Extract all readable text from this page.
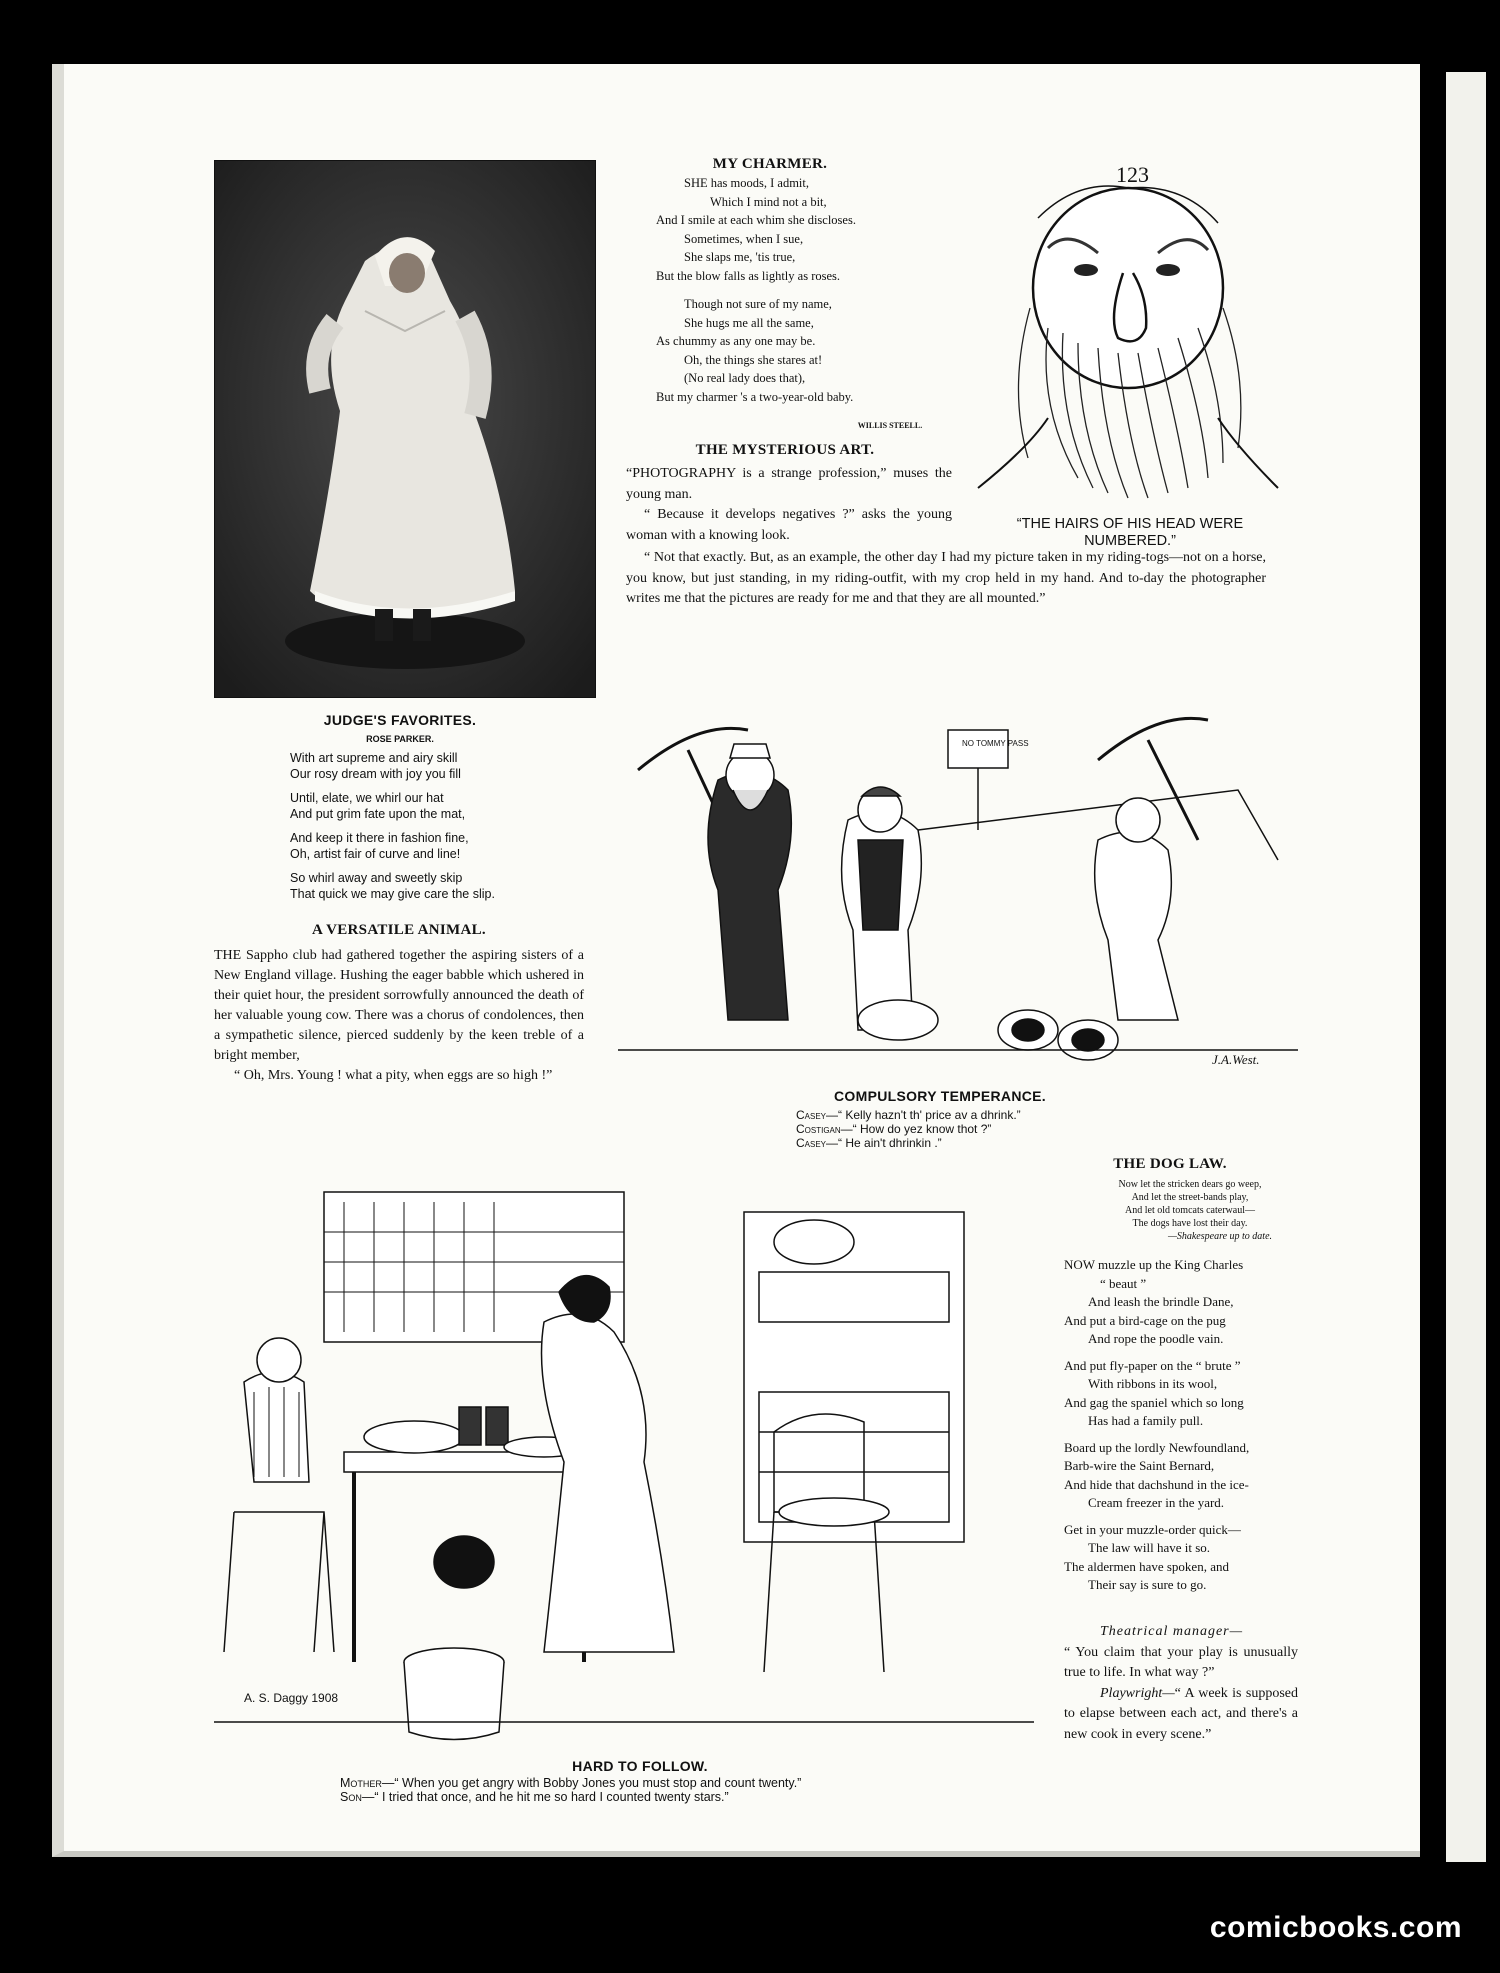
JUDGE'S FAVORITES.
ROSE PARKER.
With art supreme and airy skill
Our rosy dream with joy you fill
Until, elate, we whirl our hat
And put grim fate upon the mat,
And keep it there in fashion fine,
Oh, artist fair of curve and line!
So whirl away and sweetly skip
That quick we may give care the slip.
A VERSATILE ANIMAL.

THE Sappho club had gathered together the aspiring sisters of a New England village. Hushing the eager babble which ushered in their quiet hour, the president sorrowfully announced the death of her valuable young cow. There was a chorus of condolences, then a sympathetic silence, pierced suddenly by the keen treble of a bright member,

“ Oh, Mrs. Young ! what a pity, when eggs are so high !”

MY CHARMER.
SHE has moods, I admit,
Which I mind not a bit,
And I smile at each whim she discloses.
Sometimes, when I sue,
She slaps me, 'tis true,
But the blow falls as lightly as roses.
Though not sure of my name,
She hugs me all the same,
As chummy as any one may be.
Oh, the things she stares at!
(No real lady does that),
But my charmer 's a two-year-old baby.
WILLIS STEELL.
THE MYSTERIOUS ART.

“PHOTOGRAPHY is a strange profession,” muses the young man.

“ Because it develops negatives ?” asks the young woman with a knowing look.

“ Not that exactly. But, as an example, the other day I had my picture taken in my riding-togs—not on a horse, you know, but just standing, in my riding-outfit, with my crop held in my hand. And to-day the photographer writes me that the pictures are ready for me and that they are all mounted.”
123
“THE HAIRS OF HIS HEAD WERE NUMBERED.”
NO TOMMY PASS
J.A.West.
COMPULSORY TEMPERANCE.
Casey—“ Kelly hazn't th' price av a dhrink.”
Costigan—“ How do yez know thot ?”
Casey—“ He ain't dhrinkin .”
A. S. Daggy 1908
HARD TO FOLLOW.
Mother—“ When you get angry with Bobby Jones you must stop and count twenty.”
Son—“ I tried that once, and he hit me so hard I counted twenty stars.”
THE DOG LAW.
Now let the stricken dears go weep,
And let the street-bands play,
And let old tomcats caterwaul—
The dogs have lost their day.
—Shakespeare up to date.
NOW muzzle up the King Charles
“ beaut ”
And leash the brindle Dane,
And put a bird-cage on the pug
And rope the poodle vain.
And put fly-paper on the “ brute ”
With ribbons in its wool,
And gag the spaniel which so long
Has had a family pull.
Board up the lordly Newfoundland,
Barb-wire the Saint Bernard,
And hide that dachshund in the ice-
Cream freezer in the yard.
Get in your muzzle-order quick—
The law will have it so.
The aldermen have spoken, and
Their say is sure to go.
Theatrical manager—
“ You claim that your play is unusually true to life. In what way ?”
Playwright—“ A week is supposed to elapse between each act, and there's a new cook in every scene.”
comicbooks.com
